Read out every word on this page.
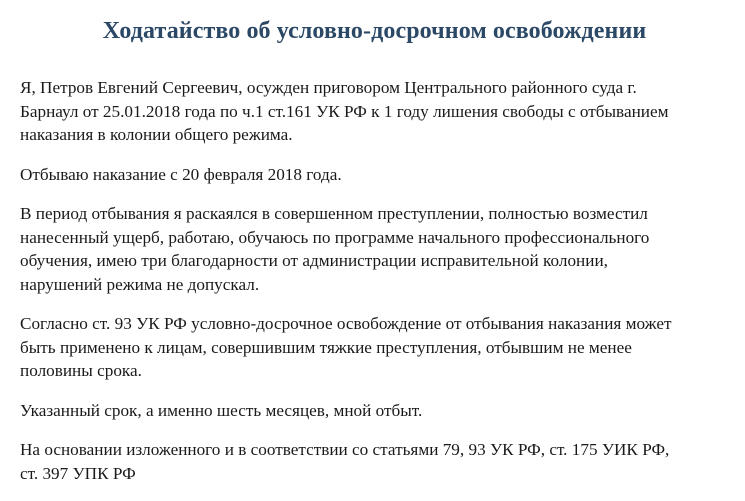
Ходатайство об условно-досрочном освобождении

Я, Петров Евгений Сергеевич, осужден приговором Центрального районного суда г.
Барнаул от 25.01.2018 года по ч.1 ст.161 УК РФ к 1 году лишения свободы с отбыванием
наказания в колонии общего режима.

Отбываю наказание с 20 февраля 2018 года.

В период отбывания я раскаялся в совершенном преступлении, полностью возместил
нанесенный ущерб, работаю, обучаюсь по программе начального профессионального
обучения, имею три благодарности от администрации исправительной колонии,
нарушений режима не допускал.

Согласно ст. 93 УК РФ условно-досрочное освобождение от отбывания наказания может
быть применено к лицам, совершившим тяжкие преступления, отбывшим не менее
половины срока.

Указанный срок, а именно шесть месяцев, мной отбыт.

На основании изложенного и в соответствии со статьями 79, 93 УК РФ, ст. 175 УИК РФ,
ст. 397 УПК РФ
